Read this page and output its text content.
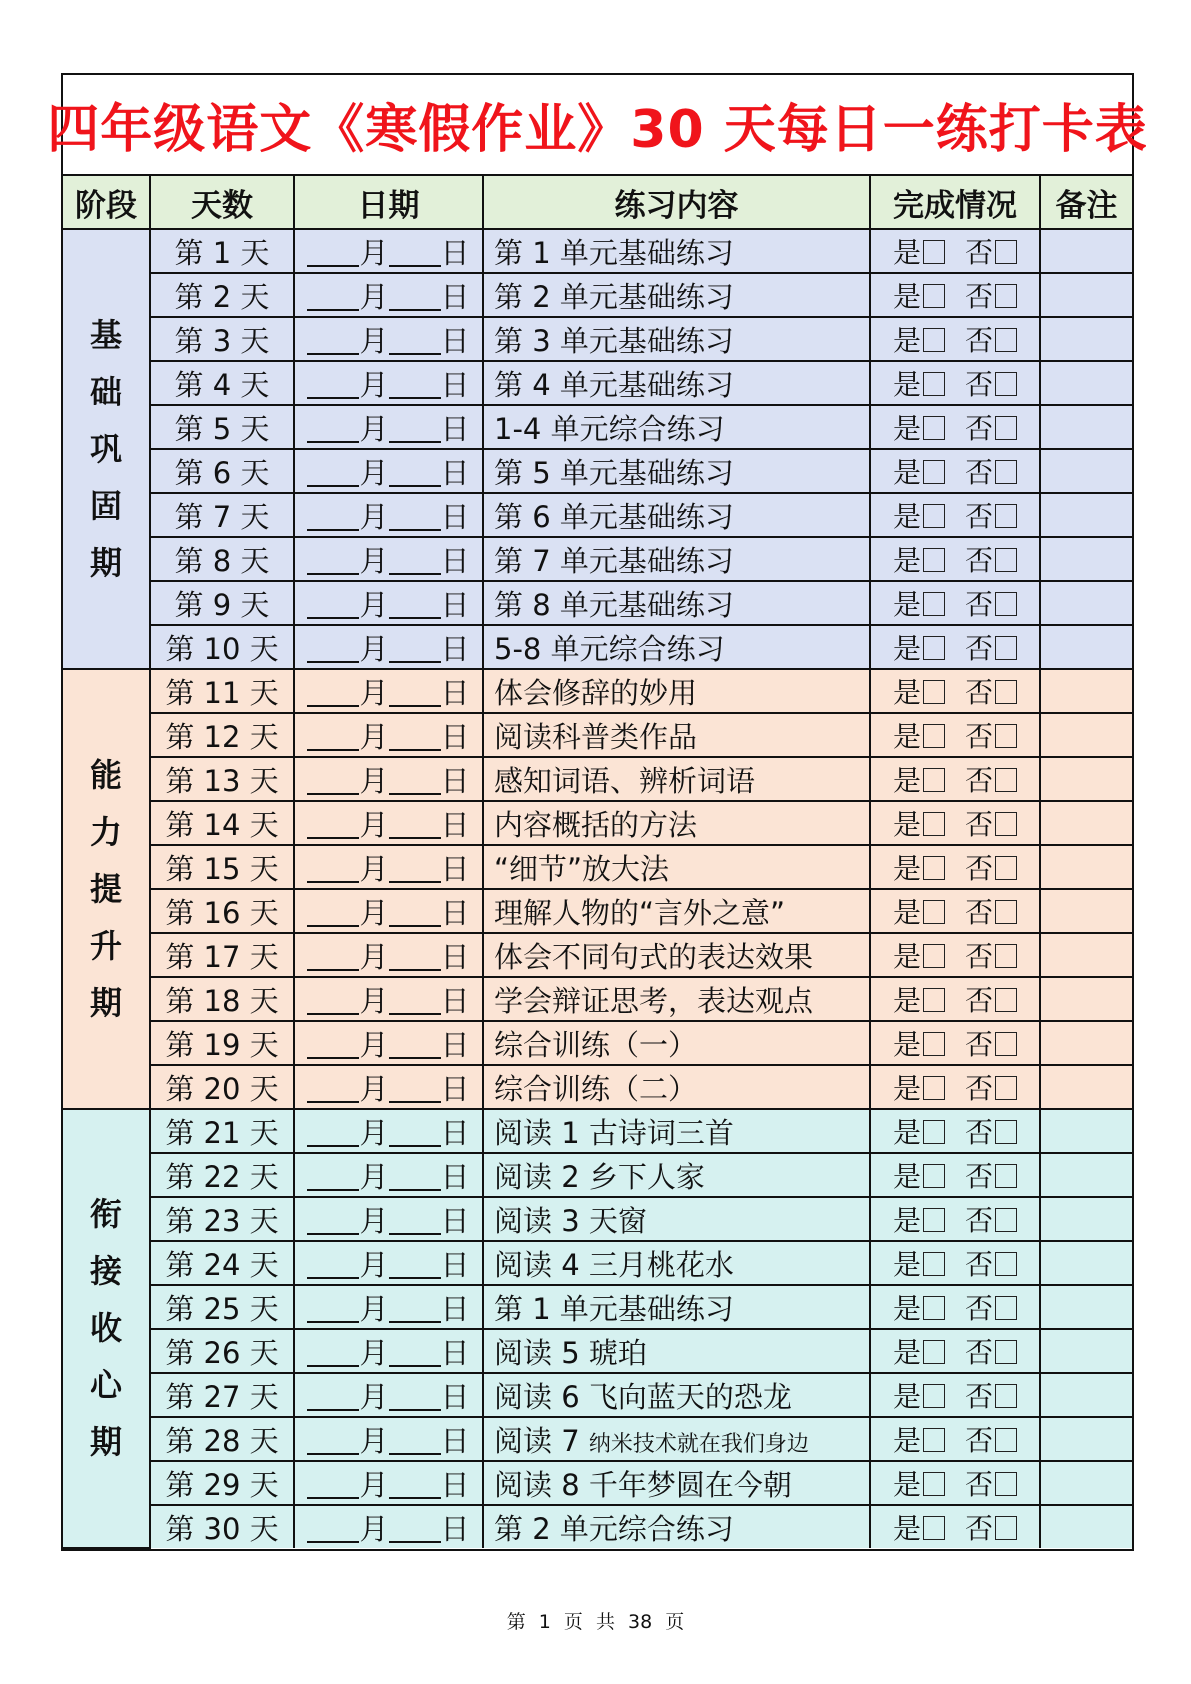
四年级语文《寒假作业》30 天每日一练打卡表
阶段	天数	日期	练习内容	完成情况	备注
基础巩固期	第 1 天	月 日	第 1 单元基础练习	是 否	
	第 2 天	月 日	第 2 单元基础练习	是 否	
	第 3 天	月 日	第 3 单元基础练习	是 否	
	第 4 天	月 日	第 4 单元基础练习	是 否	
	第 5 天	月 日	1-4 单元综合练习	是 否	
	第 6 天	月 日	第 5 单元基础练习	是 否	
	第 7 天	月 日	第 6 单元基础练习	是 否	
	第 8 天	月 日	第 7 单元基础练习	是 否	
	第 9 天	月 日	第 8 单元基础练习	是 否	
	第 10 天	月 日	5-8 单元综合练习	是 否	
能力提升期	第 11 天	月 日	体会修辞的妙用	是 否	
	第 12 天	月 日	阅读科普类作品	是 否	
	第 13 天	月 日	感知词语、辨析词语	是 否	
	第 14 天	月 日	内容概括的方法	是 否	
	第 15 天	月 日	“细节”放大法	是 否	
	第 16 天	月 日	理解人物的“言外之意”	是 否	
	第 17 天	月 日	体会不同句式的表达效果	是 否	
	第 18 天	月 日	学会辩证思考，表达观点	是 否	
	第 19 天	月 日	综合训练（一）	是 否	
	第 20 天	月 日	综合训练（二）	是 否	
衔接收心期	第 21 天	月 日	阅读 1 古诗词三首	是 否	
	第 22 天	月 日	阅读 2 乡下人家	是 否	
	第 23 天	月 日	阅读 3 天窗	是 否	
	第 24 天	月 日	阅读 4 三月桃花水	是 否	
	第 25 天	月 日	第 1 单元基础练习	是 否	
	第 26 天	月 日	阅读 5 琥珀	是 否	
	第 27 天	月 日	阅读 6 飞向蓝天的恐龙	是 否	
	第 28 天	月 日	阅读 7 纳米技术就在我们身边	是 否	
	第 29 天	月 日	阅读 8 千年梦圆在今朝	是 否	
	第 30 天	月 日	第 2 单元综合练习	是 否	
第 1 页 共 38 页
